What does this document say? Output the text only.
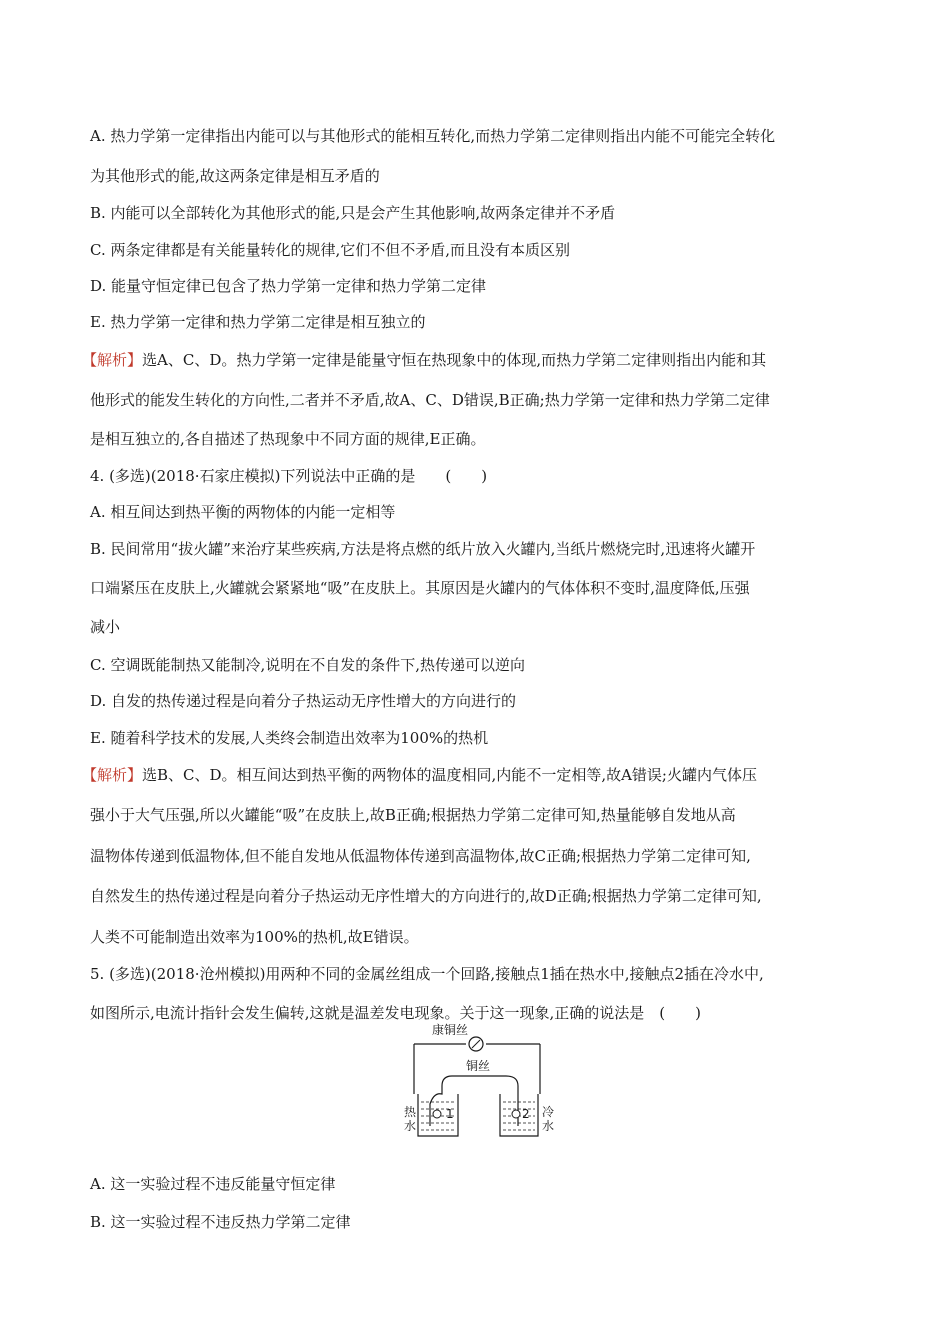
A. 热力学第一定律指出内能可以与其他形式的能相互转化,而热力学第二定律则指出内能不可能完全转化
为其他形式的能,故这两条定律是相互矛盾的
B. 内能可以全部转化为其他形式的能,只是会产生其他影响,故两条定律并不矛盾
C. 两条定律都是有关能量转化的规律,它们不但不矛盾,而且没有本质区别
D. 能量守恒定律已包含了热力学第一定律和热力学第二定律
E. 热力学第一定律和热力学第二定律是相互独立的
【解析】选A、C、D。热力学第一定律是能量守恒在热现象中的体现,而热力学第二定律则指出内能和其
他形式的能发生转化的方向性,二者并不矛盾,故A、C、D错误,B正确;热力学第一定律和热力学第二定律
是相互独立的,各自描述了热现象中不同方面的规律,E正确。
4. (多选)(2018·石家庄模拟)下列说法中正确的是　　(　　)
A. 相互间达到热平衡的两物体的内能一定相等
B. 民间常用“拔火罐”来治疗某些疾病,方法是将点燃的纸片放入火罐内,当纸片燃烧完时,迅速将火罐开
口端紧压在皮肤上,火罐就会紧紧地“吸”在皮肤上。其原因是火罐内的气体体积不变时,温度降低,压强
减小
C. 空调既能制热又能制冷,说明在不自发的条件下,热传递可以逆向
D. 自发的热传递过程是向着分子热运动无序性增大的方向进行的
E. 随着科学技术的发展,人类终会制造出效率为100%的热机
【解析】选B、C、D。相互间达到热平衡的两物体的温度相同,内能不一定相等,故A错误;火罐内气体压
强小于大气压强,所以火罐能“吸”在皮肤上,故B正确;根据热力学第二定律可知,热量能够自发地从高
温物体传递到低温物体,但不能自发地从低温物体传递到高温物体,故C正确;根据热力学第二定律可知,
自然发生的热传递过程是向着分子热运动无序性增大的方向进行的,故D正确;根据热力学第二定律可知,
人类不可能制造出效率为100%的热机,故E错误。
5. (多选)(2018·沧州模拟)用两种不同的金属丝组成一个回路,接触点1插在热水中,接触点2插在冷水中,
如图所示,电流计指针会发生偏转,这就是温差发电现象。关于这一现象,正确的说法是　(　　)
康铜丝
铜丝
1	2
热
水
冷
水
A. 这一实验过程不违反能量守恒定律
B. 这一实验过程不违反热力学第二定律
